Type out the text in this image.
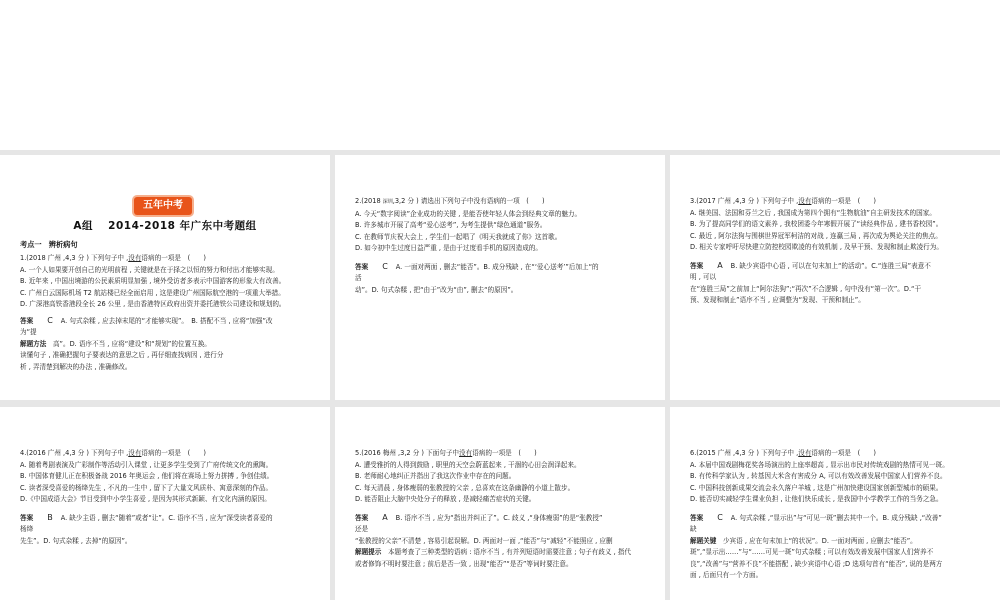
五年中考
A组　 2014-2018 年广东中考题组
考点一　辨析病句
1.(2018 广州 ,4,3 分 ) 下列句子中 ,没有语病的一项是　(　　)
A. 一个人如果要开创自己的光明前程 , 关键就是在于择之以恒的努力和付出才能够实现。
B. 近年来 , 中国出境游的公民素质明显加强 , 境外受访者多表示中国游客的形象大有改善。
C. 广州白云国际机场 T2 航站楼已经全面启用 , 这是建设广州国际航空港的一项重大举措。
D. 广深港高铁香港段全长 26 公里 , 是由香港特区政府出资并委托港铁公司建设和规划的。
答案 C A. 句式杂糅 , 应去掉末尾的“才能够实现”。　B. 搭配不当 , 应将“加强”改
为“提
解题方法　 高”。D. 语序不当 , 应将“建设”和“规划”的位置互换。
读懂句子 , 准确把握句子要表达的意思之后 , 再仔细查找病因 , 进行分
析 , 弄清楚到解决的办法 , 准确修改。
2.(2018 深圳,3,2 分 ) 请选出下列句子中没有语病的一项　(　　)
A. 今天“数字阅读”企业成功的关键 , 是能否使年轻人体会到经典文章的魅力。
B. 许多城市开展了高考“爱心送考”, 为考生提供“绿色通道”服务。
C. 在教师节庆祝大会上 , 学生们一起唱了《明天我就成了你》这首歌。
D. 如今初中生过度日益严重 , 是由于过度看手机的原因造成的。
答案 C A. 一面对两面 , 删去“能否”。B. 成分残缺 , 在“‘爱心送考’”后加上“的
活
动”。D. 句式杂糅 , 把“由于”改为“由”, 删去“的原因”。
3.(2017 广州 ,4,3 分 ) 下列句子中 ,没有语病的一项是　(　　)
A. 继美国、法国和芬兰之后 , 我国成为第四个拥有“生物航油”自主研发技术的国家。
B. 为了提高同学们的语文素养 , 我校团委今年寒假开展了“读经典作品 , 建书香校园”。
C. 最近 , 阿尔法狗与围棋世界冠军柯洁的对战 , 连赢三局 , 再次成为舆论关注的焦点。
D. 相关专家呼吁尽快建立防控校园欺凌的有效机制 , 及早干预、发现和制止欺凌行为。
答案 A B. 缺少宾语中心语 , 可以在句末加上“的活动”。C.“连胜三局”表意不
明 , 可以
在“连胜三局”之前加上“阿尔法狗”;“再次”不合逻辑 , 句中没有“第一次”。D.“干
预、发现和制止”语序不当 , 应调整为“发现、干预和制止”。
4.(2016 广州 ,4,3 分 ) 下列句子中 ,没有语病的一项是　(　　)
A. 随着粤剧表演及广彩制作等活动引入课堂 , 让更多学生受到了广府传统文化的熏陶。
B. 中国体育健儿正在积极备战 2016 年奥运会 , 他们将在赛场上努力拼搏 , 争创佳绩。
C. 读者深受喜爱的杨绛先生 , 不凡的一生中 , 留下了大量文风质朴、寓意深刻的作品。
D.《中国成语大会》节目受到中小学生喜爱 , 是因为其形式新颖、有文化内涵的原因。
答案 B A. 缺少主语 , 删去“随着”或者“让”。C. 语序不当 , 应为“深受读者喜爱的
杨绛
先生”。D. 句式杂糅 , 去掉“的原因”。
5.(2016 梅州 ,3,2 分 ) 下面句子中没有语病的一项是　(　　)
A. 遭受雅折的人得到鼓励 , 职里的天空会蔚蓝起来 , 干涸的心田会润泽起来。
B. 老师耐心地纠正并指出了我这次作业中存在的问题。
C. 每天清晨 , 身体瘦弱的张教授的父亲 , 总喜欢在这条幽静的小道上散步。
D. 能否阻止大脑中央处分子的释放 , 是减轻痛苦症状的关键。
答案 A B. 语序不当 , 应为“指出并纠正了”。C. 歧义 ,“身体瘦弱”的是“张教授”
还是
“张教授的父亲”不清楚 , 容易引起误解。D. 两面对一面 ,“能否”与“减轻”不能照应 , 应删
解题提示　 本题考查了三种类型的语病 : 语序不当 , 有并列短语时需要注意 ; 句子有歧义 , 指代
或者修饰不明时要注意 ; 前后是否一致 , 出现“能否”“是否”等词时要注意。
6.(2015 广州 ,4,3 分 ) 下列句子中 ,没有语病的一项是　(　　)
A. 本届中国戏剧梅花奖各场演出的上座率超高 , 显示出市民对传统戏剧的热情可见一斑。
B. 有传科学家认为 , 转基因大米含有害成分 A, 可以有效改善发展中国家人们营养不良。
C. 中国科技创新成果交流会永久落户羊城 , 这是广州加快建设国家创新型城市的硕果。
D. 能否切实减轻学生课业负担 , 让他们快乐成长 , 是我国中小学教学工作的当务之急。
答案 C A. 句式杂糅 ,“显示出”与“可见一斑”删去其中一个。B. 成分残缺 ,“改善”
缺
解题关键　 少宾语 , 应在句末加上“的状况”。D. 一面对两面 , 应删去“能否”。
斑”,“显示出……”与“……可见一斑”句式杂糅 ; 可以有效改善发展中国家人们营养不
良”,“改善”与“营养不良”不能搭配 , 缺少宾语中心语 ;D 选项句首有“能否”, 说的是两方
面 , 后面只有一个方面。
